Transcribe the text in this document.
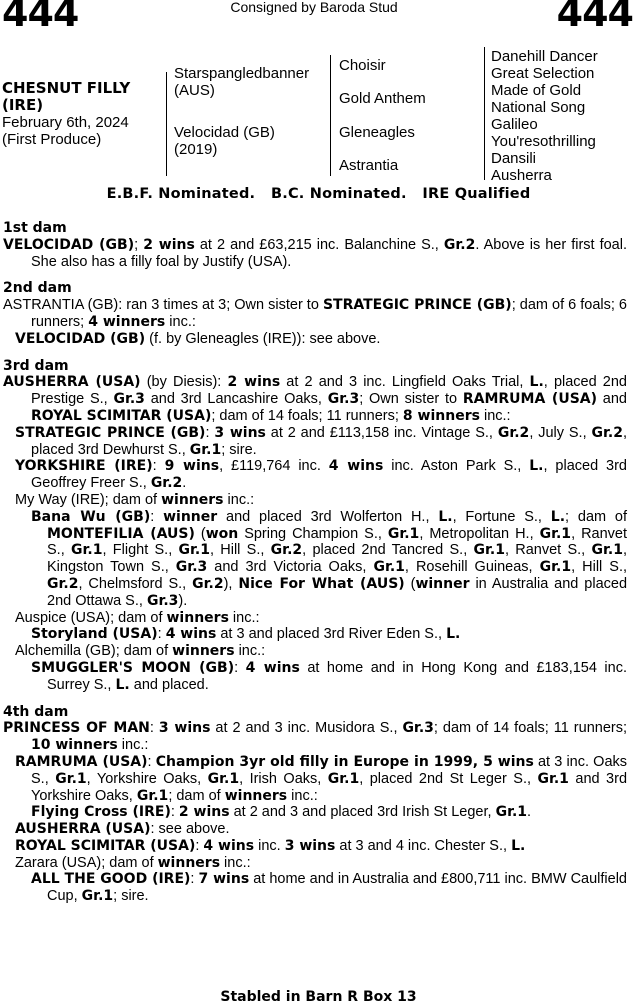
444	Consigned by Baroda Stud	444
CHESNUT FILLY
(IRE)
February 6th, 2024
(First Produce)
Starspangledbanner
(AUS)
Velocidad (GB)
(2019)
Choisir
Gold Anthem
Gleneagles
Astrantia
Danehill Dancer
Great Selection
Made of Gold
National Song
Galileo
You'resothrilling
Dansili
Ausherra
E.B.F. Nominated.   B.C. Nominated.   IRE Qualified
1st dam
VELOCIDAD (GB); 2 wins at 2 and £63,215 inc. Balanchine S., Gr.2. Above is her first foal. She also has a filly foal by Justify (USA).
2nd dam
ASTRANTIA (GB): ran 3 times at 3; Own sister to STRATEGIC PRINCE (GB); dam of 6 foals; 6 runners; 4 winners inc.:
VELOCIDAD (GB) (f. by Gleneagles (IRE)): see above.
3rd dam
AUSHERRA (USA) (by Diesis): 2 wins at 2 and 3 inc. Lingfield Oaks Trial, L., placed 2nd Prestige S., Gr.3 and 3rd Lancashire Oaks, Gr.3; Own sister to RAMRUMA (USA) and ROYAL SCIMITAR (USA); dam of 14 foals; 11 runners; 8 winners inc.:
STRATEGIC PRINCE (GB): 3 wins at 2 and £113,158 inc. Vintage S., Gr.2, July S., Gr.2, placed 3rd Dewhurst S., Gr.1; sire.
YORKSHIRE (IRE): 9 wins, £119,764 inc. 4 wins inc. Aston Park S., L., placed 3rd Geoffrey Freer S., Gr.2.
My Way (IRE); dam of winners inc.:
Bana Wu (GB): winner and placed 3rd Wolferton H., L., Fortune S., L.; dam of MONTEFILIA (AUS) (won Spring Champion S., Gr.1, Metropolitan H., Gr.1, Ranvet S., Gr.1, Flight S., Gr.1, Hill S., Gr.2, placed 2nd Tancred S., Gr.1, Ranvet S., Gr.1, Kingston Town S., Gr.3 and 3rd Victoria Oaks, Gr.1, Rosehill Guineas, Gr.1, Hill S., Gr.2, Chelmsford S., Gr.2), Nice For What (AUS) (winner in Australia and placed 2nd Ottawa S., Gr.3).
Auspice (USA); dam of winners inc.:
Storyland (USA): 4 wins at 3 and placed 3rd River Eden S., L.
Alchemilla (GB); dam of winners inc.:
SMUGGLER'S MOON (GB): 4 wins at home and in Hong Kong and £183,154 inc. Surrey S., L. and placed.
4th dam
PRINCESS OF MAN: 3 wins at 2 and 3 inc. Musidora S., Gr.3; dam of 14 foals; 11 runners; 10 winners inc.:
RAMRUMA (USA): Champion 3yr old filly in Europe in 1999, 5 wins at 3 inc. Oaks S., Gr.1, Yorkshire Oaks, Gr.1, Irish Oaks, Gr.1, placed 2nd St Leger S., Gr.1 and 3rd Yorkshire Oaks, Gr.1; dam of winners inc.:
Flying Cross (IRE): 2 wins at 2 and 3 and placed 3rd Irish St Leger, Gr.1.
AUSHERRA (USA): see above.
ROYAL SCIMITAR (USA): 4 wins inc. 3 wins at 3 and 4 inc. Chester S., L.
Zarara (USA); dam of winners inc.:
ALL THE GOOD (IRE): 7 wins at home and in Australia and £800,711 inc. BMW Caulfield Cup, Gr.1; sire.
Stabled in Barn R Box 13
